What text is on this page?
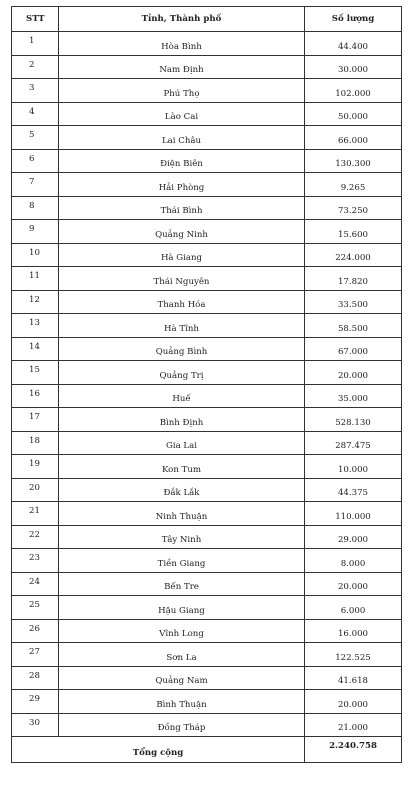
STT	Tỉnh, Thành phố	Số lượng
1	Hòa Bình	44.400
2	Nam Định	30.000
3	Phú Thọ	102.000
4	Lào Cai	50.000
5	Lai Châu	66.000
6	Điện Biên	130.300
7	Hải Phòng	9.265
8	Thái Bình	73.250
9	Quảng Ninh	15.600
10	Hà Giang	224.000
11	Thái Nguyên	17.820
12	Thanh Hóa	33.500
13	Hà Tĩnh	58.500
14	Quảng Bình	67.000
15	Quảng Trị	20.000
16	Huế	35.000
17	Bình Định	528.130
18	Gia Lai	287.475
19	Kon Tum	10.000
20	Đắk Lắk	44.375
21	Ninh Thuận	110.000
22	Tây Ninh	29.000
23	Tiền Giang	8.000
24	Bến Tre	20.000
25	Hậu Giang	6.000
26	Vĩnh Long	16.000
27	Sơn La	122.525
28	Quảng Nam	41.618
29	Bình Thuận	20.000
30	Đồng Tháp	21.000
Tổng cộng		2.240.758
